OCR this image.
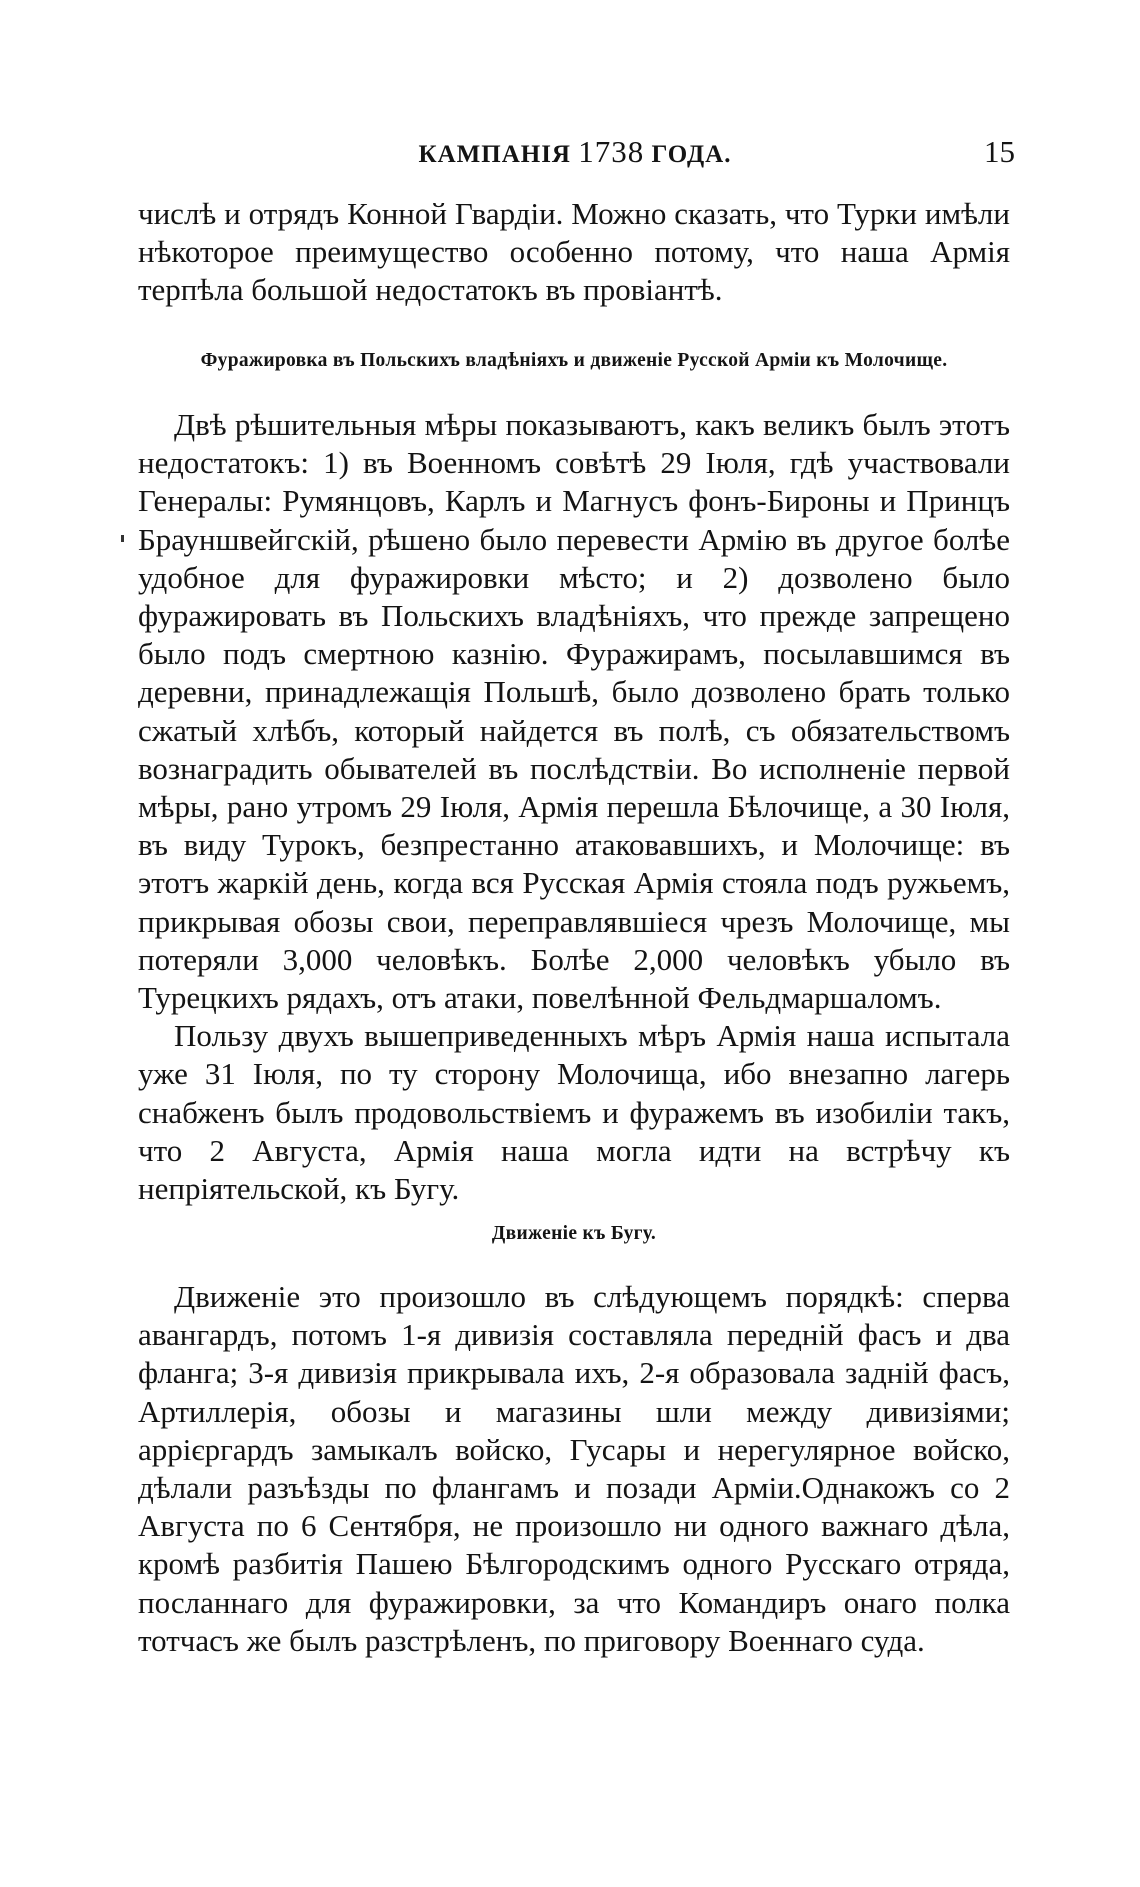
КАМПАНІЯ 1738 ГОДА.	15

числѣ и отрядъ Конной Гвардіи. Можно сказать, что Турки имѣли нѣкоторое преимущество особенно потому, что наша Армія терпѣла большой недостатокъ въ провіантѣ.

Фуражировка въ Польскихъ владѣніяхъ и движеніе Русской Арміи къ Молочище.

Двѣ рѣшительныя мѣры показываютъ, какъ великъ былъ этотъ недостатокъ: 1) въ Военномъ совѣтѣ 29 Іюля, гдѣ участвовали Генералы: Румянцовъ, Карлъ и Магнусъ фонъ-Бироны и Принцъ Брауншвейгскій, рѣшено было перевести Армію въ другое болѣе удобное для фуражировки мѣсто; и 2) дозволено было фуражировать въ Польскихъ владѣніяхъ, что прежде запрещено было подъ смертною казнію. Фуражирамъ, посылавшимся въ деревни, принадлежащія Польшѣ, было дозволено брать только сжатый хлѣбъ, который найдется въ полѣ, съ обязательствомъ вознаградить обывателей въ послѣдствіи. Во исполненіе первой мѣры, рано утромъ 29 Іюля, Армія перешла Бѣлочище, а 30 Іюля, въ виду Турокъ, безпрестанно атаковавшихъ, и Молочище: въ этотъ жаркій день, когда вся Русская Армія стояла подъ ружьемъ, прикрывая обозы свои, переправлявшіеся чрезъ Молочище, мы потеряли 3,000 человѣкъ. Болѣе 2,000 человѣкъ убыло въ Турецкихъ рядахъ, отъ атаки, повелѣнной Фельдмаршаломъ.

Пользу двухъ вышеприведенныхъ мѣръ Армія наша испытала уже 31 Іюля, по ту сторону Молочища, ибо внезапно лагерь снабженъ былъ продовольствіемъ и фуражемъ въ изобиліи такъ, что 2 Августа, Армія наша могла идти на встрѣчу къ непріятельской, къ Бугу.

Движеніе къ Бугу.

Движеніе это произошло въ слѣдующемъ порядкѣ: сперва авангардъ, потомъ 1-я дивизія составляла передній фасъ и два фланга; 3-я дивизія прикрывала ихъ, 2-я образовала задній фасъ, Артиллерія, обозы и магазины шли между дивизіями; аррієргардъ замыкалъ войско, Гусары и нерегулярное войско, дѣлали разъѣзды по флангамъ и позади Арміи.Однакожъ со 2 Августа по 6 Сентября, не произошло ни одного важнаго дѣла, кромѣ разбитія Пашею Бѣлгородскимъ одного Русскаго отряда, посланнаго для фуражировки, за что Командиръ онаго полка тотчасъ же былъ разстрѣленъ, по приговору Военнаго суда.
